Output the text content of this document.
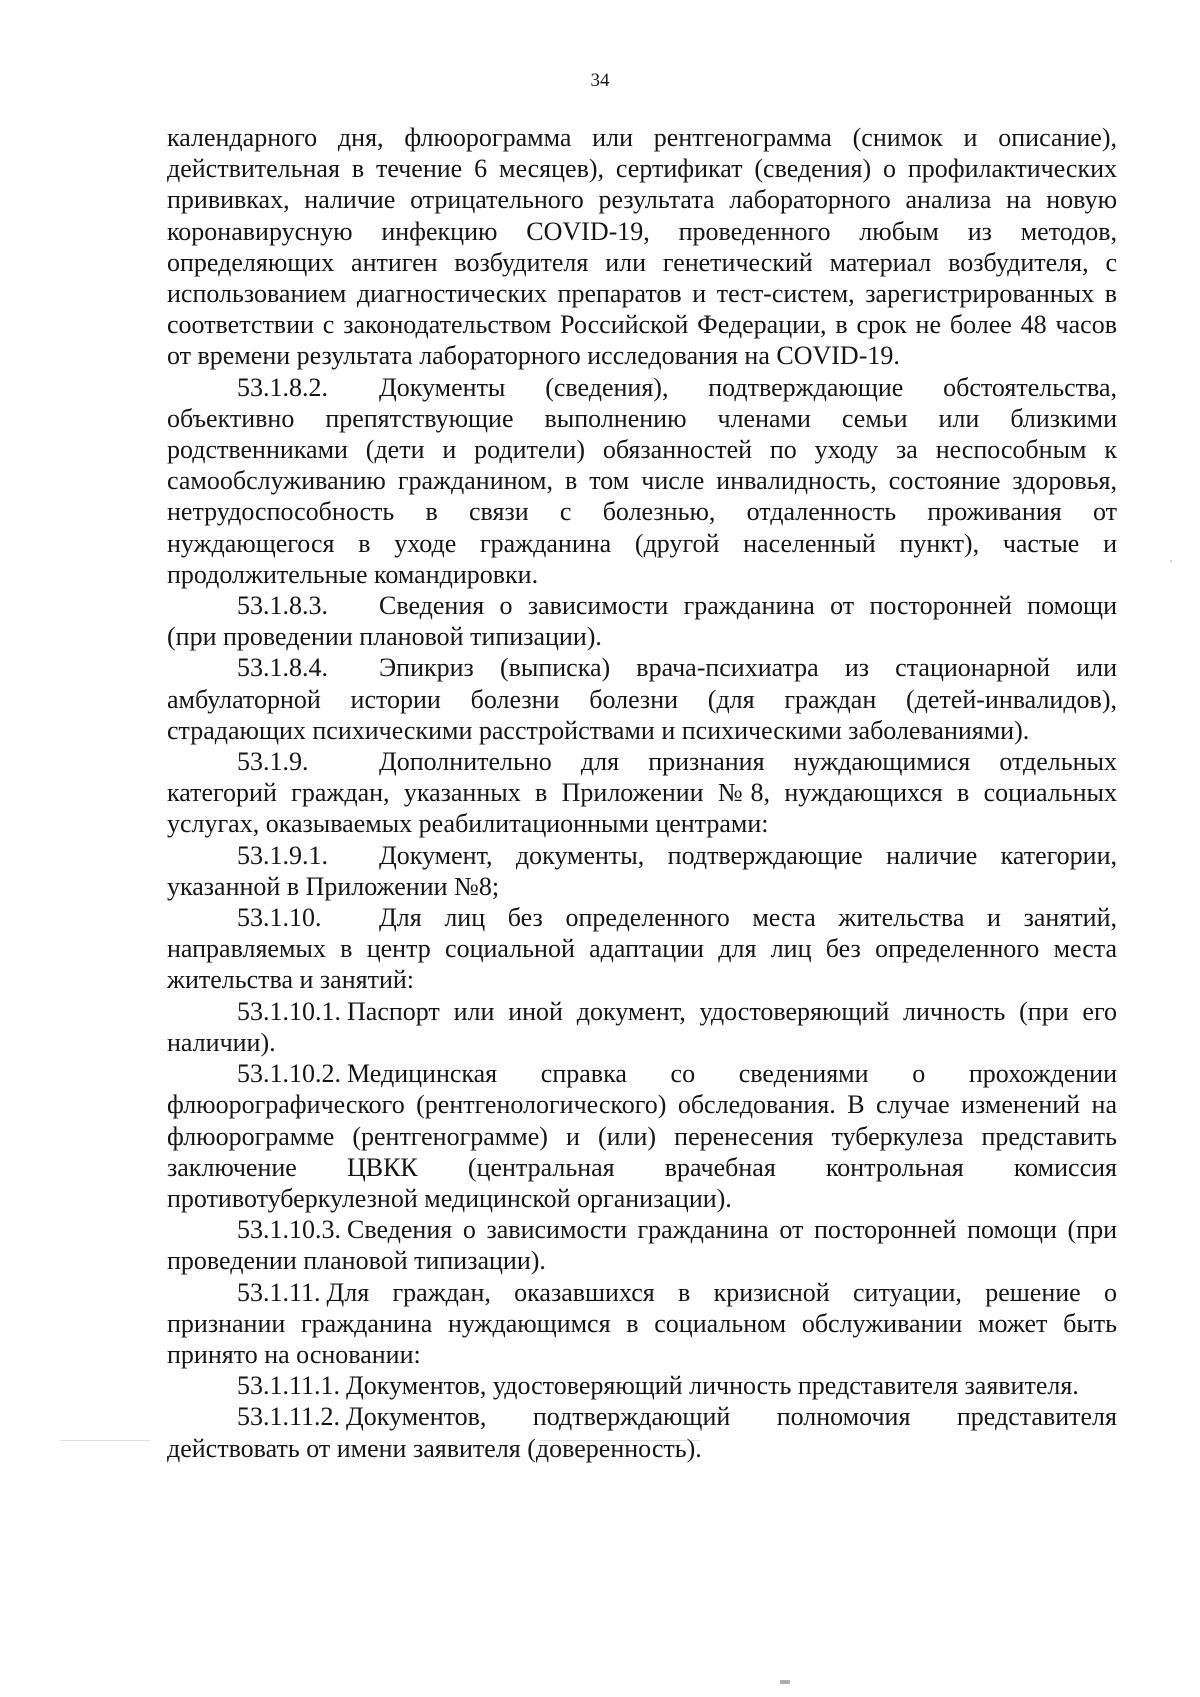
34

календарного дня, флюорограмма или рентгенограмма (снимок и описание), действительная в течение 6 месяцев), сертификат (сведения) о профилактических прививках, наличие отрицательного результата лабораторного анализа на новую коронавирусную инфекцию COVID-19, проведенного любым из методов, определяющих антиген возбудителя или генетический материал возбудителя, с использованием диагностических препаратов и тест-систем, зарегистрированных в соответствии с законодательством Российской Федерации, в срок не более 48 часов от времени результата лабораторного исследования на COVID-19.

53.1.8.2. Документы (сведения), подтверждающие обстоятельства, объективно препятствующие выполнению членами семьи или близкими родственниками (дети и родители) обязанностей по уходу за неспособным к самообслуживанию гражданином, в том числе инвалидность, состояние здоровья, нетрудоспособность в связи с болезнью, отдаленность проживания от нуждающегося в уходе гражданина (другой населенный пункт), частые и продолжительные командировки.

53.1.8.3. Сведения о зависимости гражданина от посторонней помощи (при проведении плановой типизации).

53.1.8.4. Эпикриз (выписка) врача-психиатра из стационарной или амбулаторной истории болезни болезни (для граждан (детей-инвалидов), страдающих психическими расстройствами и психическими заболеваниями).

53.1.9.	Дополнительно для признания нуждающимися отдельных категорий граждан, указанных в Приложении №8, нуждающихся в социальных услугах, оказываемых реабилитационными центрами:

53.1.9.1. Документ, документы, подтверждающие наличие категории, указанной в Приложении №8;

53.1.10. Для лиц без определенного места жительства и занятий, направляемых в центр социальной адаптации для лиц без определенного места жительства и занятий:

53.1.10.1. Паспорт или иной документ, удостоверяющий личность (при его наличии).

53.1.10.2. Медицинская справка со сведениями о прохождении флюорографического (рентгенологического) обследования. В случае изменений на флюорограмме (рентгенограмме) и (или) перенесения туберкулеза представить заключение ЦВКК (центральная врачебная контрольная комиссия противотуберкулезной медицинской организации).

53.1.10.3. Сведения о зависимости гражданина от посторонней помощи (при проведении плановой типизации).

53.1.11. Для граждан, оказавшихся в кризисной ситуации, решение о признании гражданина нуждающимся в социальном обслуживании может быть принято на основании:

53.1.11.1. Документов, удостоверяющий личность представителя заявителя.

53.1.11.2. Документов, подтверждающий полномочия представителя действовать от имени заявителя (доверенность).
